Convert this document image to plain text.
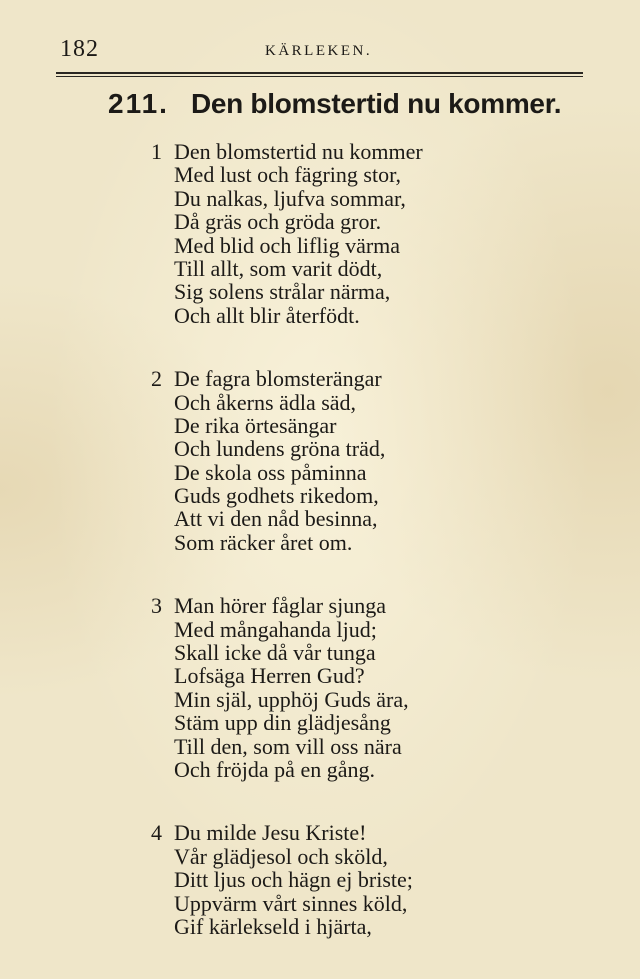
182	KÄRLEKEN.
211. Den blomstertid nu kommer.
1 Den blomstertid nu kommer
Med lust och fägring stor,
Du nalkas, ljufva sommar,
Då gräs och gröda gror.
Med blid och liflig värma
Till allt, som varit dödt,
Sig solens strålar närma,
Och allt blir återfödt.
2 De fagra blomsterängar
Och åkerns ädla säd,
De rika örtesängar
Och lundens gröna träd,
De skola oss påminna
Guds godhets rikedom,
Att vi den nåd besinna,
Som räcker året om.
3 Man hörer fåglar sjunga
Med mångahanda ljud;
Skall icke då vår tunga
Lofsäga Herren Gud?
Min själ, upphöj Guds ära,
Stäm upp din glädjesång
Till den, som vill oss nära
Och fröjda på en gång.
4 Du milde Jesu Kriste!
Vår glädjesol och sköld,
Ditt ljus och hägn ej briste;
Uppvärm vårt sinnes köld,
Gif kärlekseld i hjärta,
